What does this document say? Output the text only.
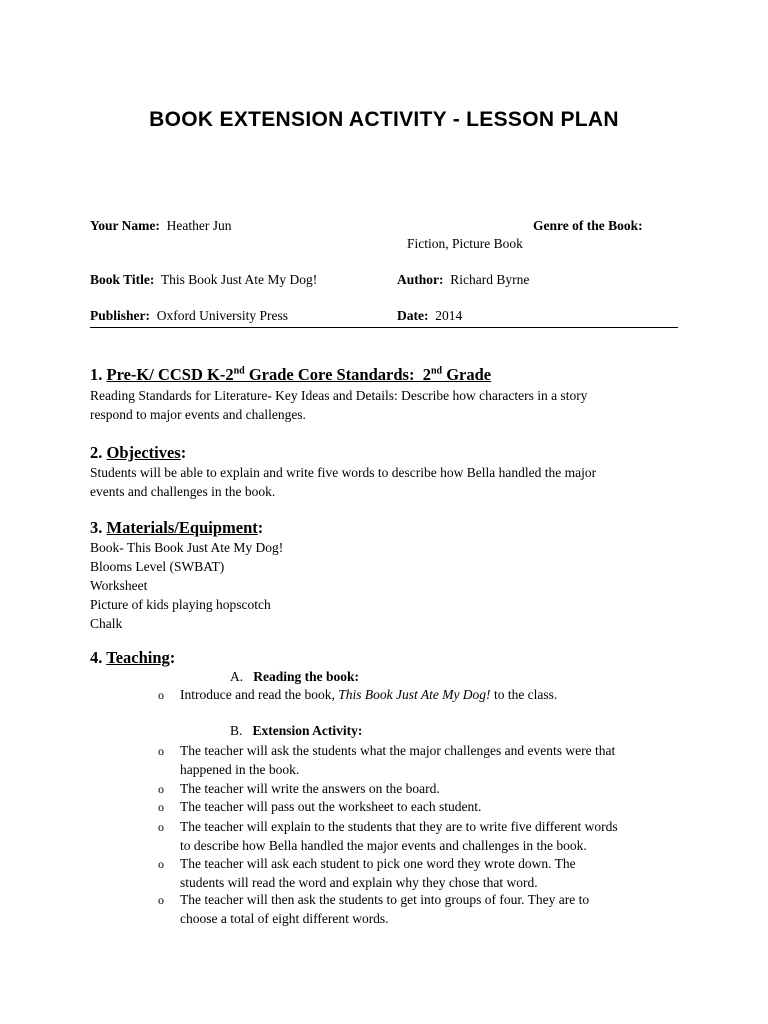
BOOK EXTENSION ACTIVITY - LESSON PLAN
Your Name: Heather Jun	Genre of the Book:
Fiction, Picture Book
Book Title: This Book Just Ate My Dog!	Author: Richard Byrne
Publisher: Oxford University Press	Date: 2014
1. Pre-K/ CCSD K-2nd Grade Core Standards:  2nd Grade
Reading Standards for Literature- Key Ideas and Details: Describe how characters in a story
respond to major events and challenges.
2. Objectives:
Students will be able to explain and write five words to describe how Bella handled the major
events and challenges in the book.
3. Materials/Equipment:
Book- This Book Just Ate My Dog!
Blooms Level (SWBAT)
Worksheet
Picture of kids playing hopscotch
Chalk
4. Teaching:
A. Reading the book:
o Introduce and read the book, This Book Just Ate My Dog! to the class.
B. Extension Activity:
o The teacher will ask the students what the major challenges and events were that
happened in the book.
o The teacher will write the answers on the board.
o The teacher will pass out the worksheet to each student.
o The teacher will explain to the students that they are to write five different words
to describe how Bella handled the major events and challenges in the book.
o The teacher will ask each student to pick one word they wrote down. The
students will read the word and explain why they chose that word.
o The teacher will then ask the students to get into groups of four. They are to
choose a total of eight different words.
